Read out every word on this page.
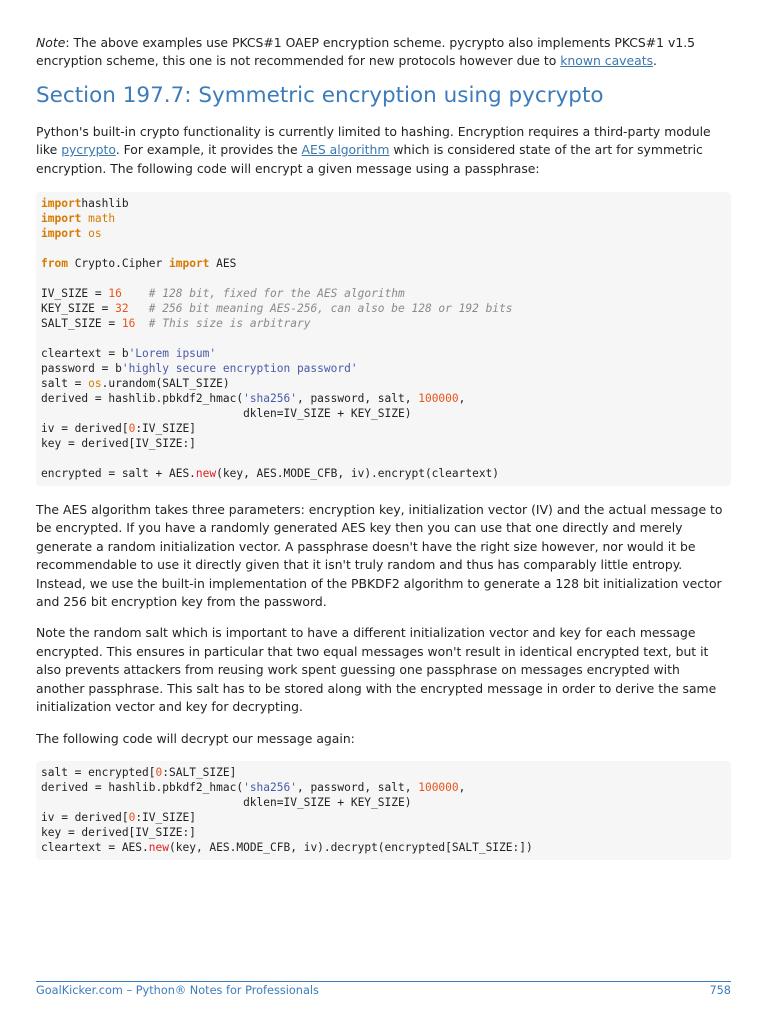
Note: The above examples use PKCS#1 OAEP encryption scheme. pycrypto also implements PKCS#1 v1.5 encryption scheme, this one is not recommended for new protocols however due to known caveats.

Section 197.7: Symmetric encryption using pycrypto

Python's built-in crypto functionality is currently limited to hashing. Encryption requires a third-party module like pycrypto. For example, it provides the AES algorithm which is considered state of the art for symmetric encryption. The following code will encrypt a given message using a passphrase:

importhashlib
import math
import os

from Crypto.Cipher import AES

IV_SIZE = 16 # 128 bit, fixed for the AES algorithm
KEY_SIZE = 32 # 256 bit meaning AES-256, can also be 128 or 192 bits
SALT_SIZE = 16 # This size is arbitrary

cleartext = b'Lorem ipsum'
password = b'highly secure encryption password'
salt = os.urandom(SALT_SIZE)
derived = hashlib.pbkdf2_hmac('sha256', password, salt, 100000,
dklen=IV_SIZE + KEY_SIZE)
iv = derived[0:IV_SIZE]
key = derived[IV_SIZE:]

encrypted = salt + AES.new(key, AES.MODE_CFB, iv).encrypt(cleartext)

The AES algorithm takes three parameters: encryption key, initialization vector (IV) and the actual message to be encrypted. If you have a randomly generated AES key then you can use that one directly and merely generate a random initialization vector. A passphrase doesn't have the right size however, nor would it be recommendable to use it directly given that it isn't truly random and thus has comparably little entropy. Instead, we use the built-in implementation of the PBKDF2 algorithm to generate a 128 bit initialization vector and 256 bit encryption key from the password.

Note the random salt which is important to have a different initialization vector and key for each message encrypted. This ensures in particular that two equal messages won't result in identical encrypted text, but it also prevents attackers from reusing work spent guessing one passphrase on messages encrypted with another passphrase. This salt has to be stored along with the encrypted message in order to derive the same initialization vector and key for decrypting.

The following code will decrypt our message again:

salt = encrypted[0:SALT_SIZE]
derived = hashlib.pbkdf2_hmac('sha256', password, salt, 100000,
dklen=IV_SIZE + KEY_SIZE)
iv = derived[0:IV_SIZE]
key = derived[IV_SIZE:]
cleartext = AES.new(key, AES.MODE_CFB, iv).decrypt(encrypted[SALT_SIZE:])
GoalKicker.com – Python® Notes for Professionals	758
